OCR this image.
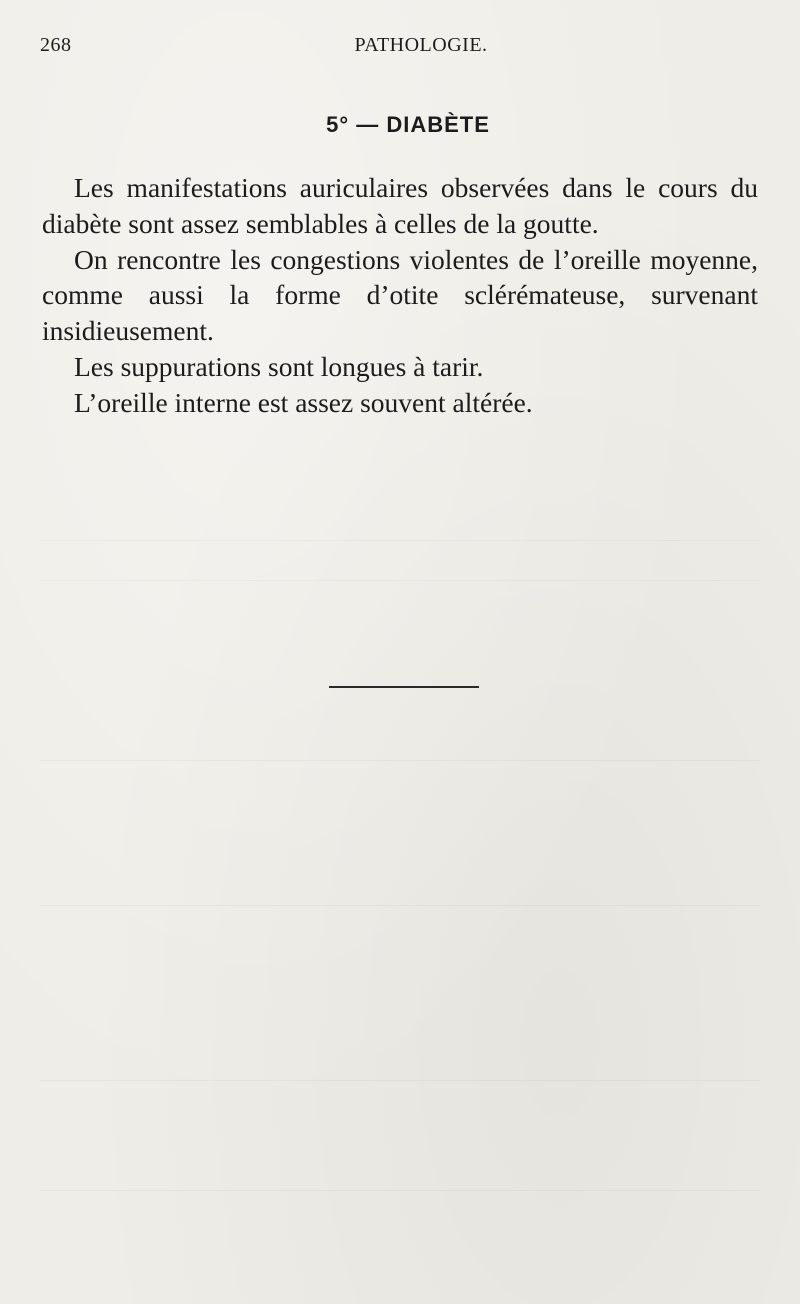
268	PATHOLOGIE.
5° — DIABÈTE

Les manifestations auriculaires observées dans le cours du diabète sont assez semblables à celles de la goutte.

On rencontre les congestions violentes de l’oreille moyenne, comme aussi la forme d’otite sclérémateuse, survenant insidieusement.

Les suppurations sont longues à tarir.

L’oreille interne est assez souvent altérée.
